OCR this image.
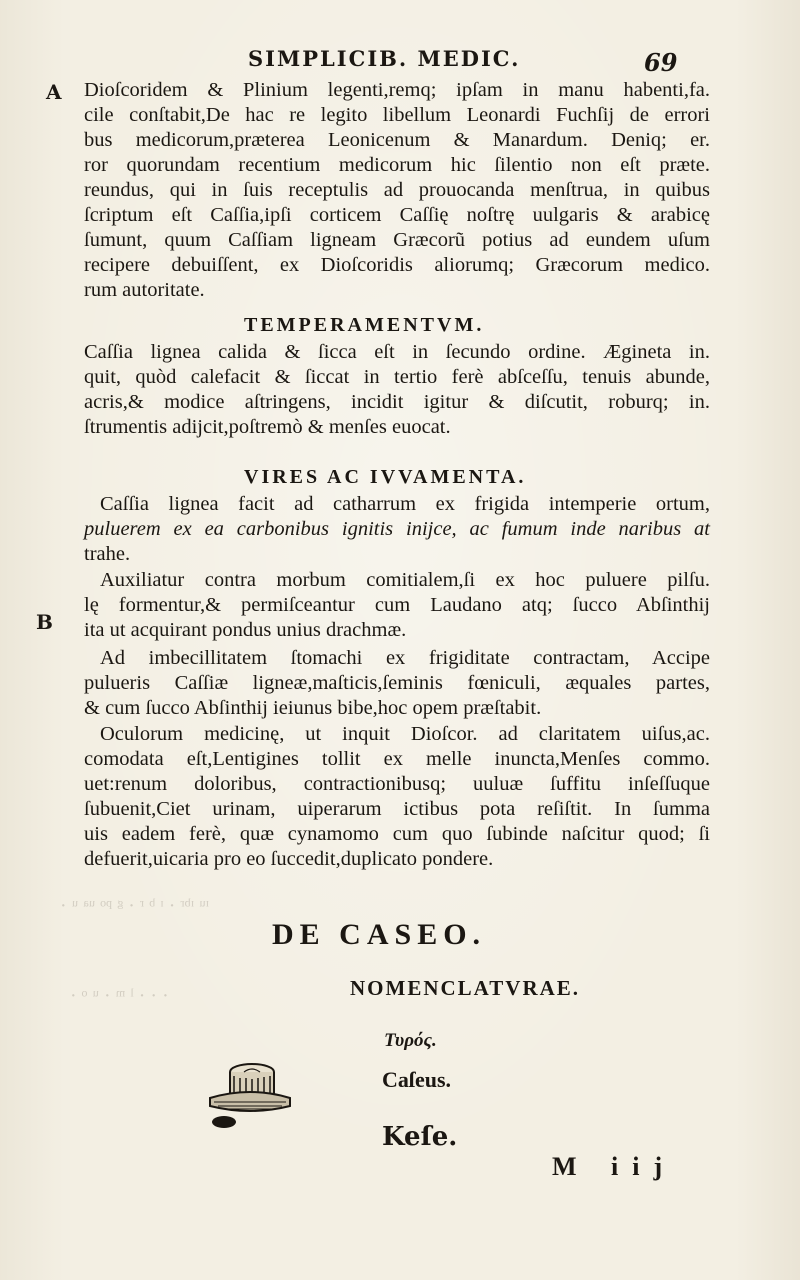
SIMPLICIB. MEDIC.	69
A
B
Dioſcoridem & Plinium legenti,remq; ipſam in manu habenti,fa.
cile conſtabit,De hac re legito libellum Leonardi Fuchſij de errori
bus medicorum,prӕterea Leonicenum & Manardum. Deniq; er.
ror quorundam recentium medicorum hic ſilentio non eſt prӕte.
reundus, qui in ſuis receptulis ad prouocanda menſtrua, in quibus
ſcriptum eſt Caſſia,ipſi corticem Caſſię noſtrę uulgaris & arabicę
ſumunt, quum Caſſiam ligneam Grӕcorũ potius ad eundem uſum
recipere debuiſſent, ex Dioſcoridis aliorumq; Grӕcorum medico.
rum autoritate.
TEMPERAMENTVM.
Caſſia lignea calida & ſicca eſt in ſecundo ordine. Ӕgineta in.
quit, quòd calefacit & ſiccat in tertio ferè abſceſſu, tenuis abunde,
acris,& modice aſtringens, incidit igitur & diſcutit, roburq; in.
ſtrumentis adijcit,poſtremò & menſes euocat.
VIRES AC IVVAMENTA.
Caſſia lignea facit ad catharrum ex frigida intemperie ortum,
puluerem ex ea carbonibus ignitis inijce, ac fumum inde naribus at
trahe.
Auxiliatur contra morbum comitialem,ſi ex hoc puluere pilſu.
lę formentur,& permiſceantur cum Laudano atq; ſucco Abſinthij
ita ut acquirant pondus unius drachmӕ.
Ad imbecillitatem ſtomachi ex frigiditate contractam, Accipe
pulueris Caſſiӕ ligneӕ,maſticis,ſeminis fœniculi, ӕquales partes,
& cum ſucco Abſinthij ieiunus bibe,hoc opem prӕſtabit.
Oculorum medicinę, ut inquit Dioſcor. ad claritatem uiſus,ac.
comodata eſt,Lentigines tollit ex melle inuncta,Menſes commo.
uet:renum doloribus, contractionibusq; uuluӕ ſuffitu inſeſſuque
ſubuenit,Ciet urinam, uiperarum ictibus pota reſiſtit. In ſumma
uis eadem ferè, quӕ cynamomo cum quo ſubinde naſcitur quod; ſi
defuerit,uicaria pro eo ſuccedit,duplicato pondere.
ᶦᵘ ᶦᵇʳ · ᶦ ᵇ ʳ · ᵍ ᵖᵒ ᵘᵃ ᵘ ·
· · · ˡ ᵐ · ᵘ ᵒ ·
DE CASEO.
NOMENCLATVRAE.
Τυρός.
Caſeus.
Keſe.
M iij
